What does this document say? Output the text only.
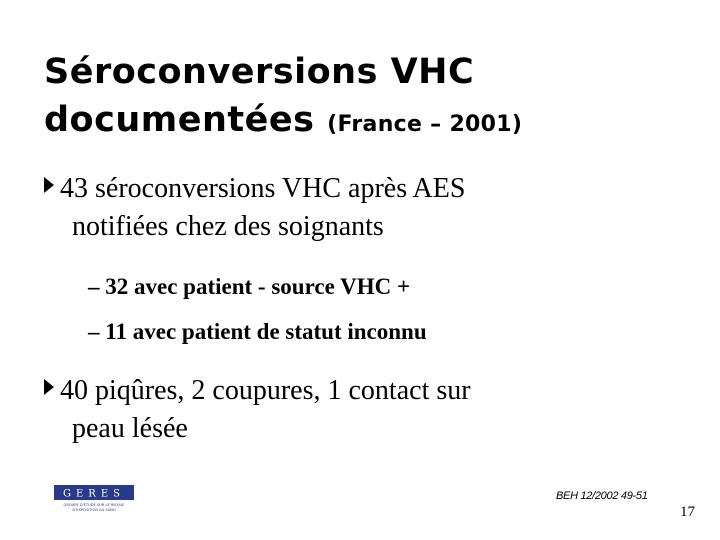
Séroconversions VHC
documentées (France – 2001)
43 séroconversions VHC après AES
notifiées chez des soignants
– 32 avec patient - source VHC +
– 11 avec patient de statut inconnu
40 piqûres, 2 coupures, 1 contact sur
peau lésée
GERES
GROUPE D'ÉTUDE SUR LE RISQUE
D'EXPOSITION AU SANG
BEH 12/2002 49-51
17
